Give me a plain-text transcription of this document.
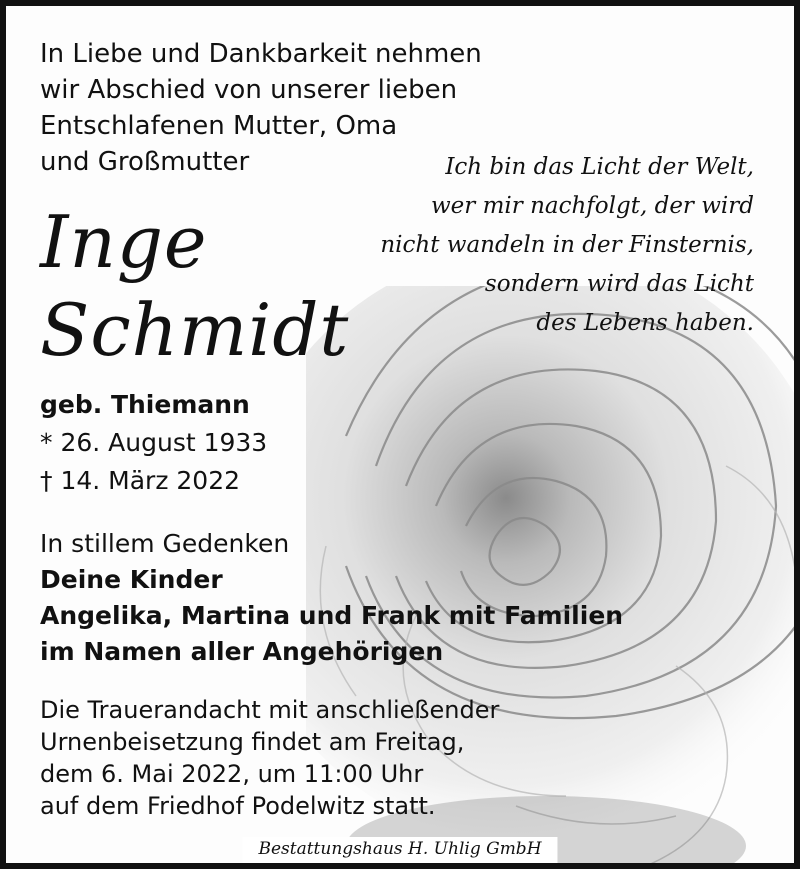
In Liebe und Dankbarkeit nehmen
wir Abschied von unserer lieben
Entschlafenen Mutter, Oma
und Großmutter	Ich bin das Licht der Welt,
wer mir nachfolgt, der wird
nicht wandeln in der Finsternis,
sondern wird das Licht
des Lebens haben.
Inge
Schmidt
geb. Thiemann
* 26. August 1933
† 14. März 2022
In stillem Gedenken
Deine Kinder
Angelika, Martina und Frank mit Familien
im Namen aller Angehörigen
Die Trauerandacht mit anschließender
Urnenbeisetzung findet am Freitag,
dem 6. Mai 2022, um 11:00 Uhr
auf dem Friedhof Podelwitz statt.
Bestattungshaus H. Uhlig GmbH
